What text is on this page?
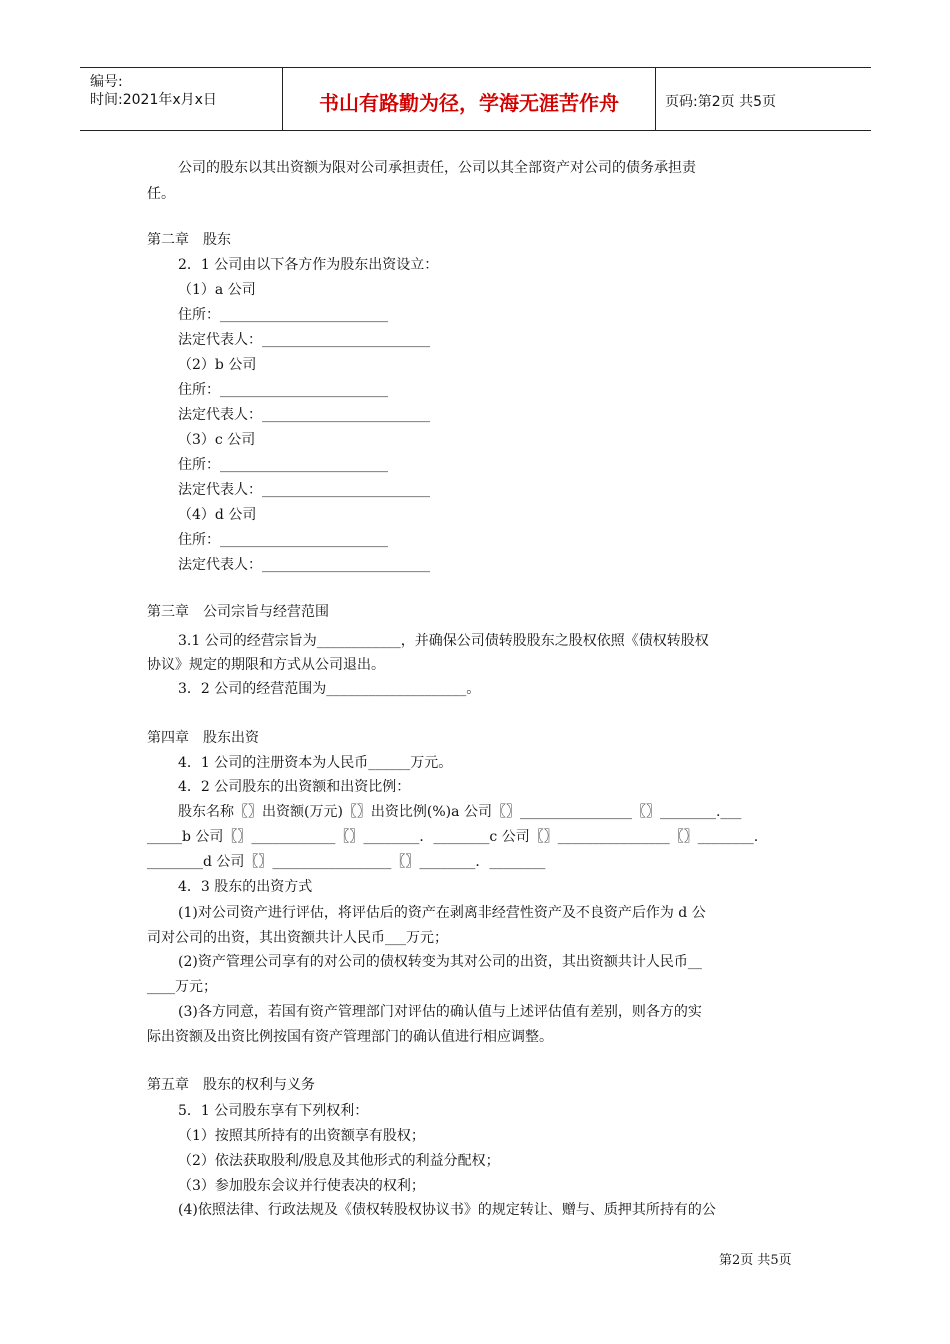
编号:
时间:2021年x月x日	书山有路勤为径，学海无涯苦作舟	页码:第2页 共5页
公司的股东以其出资额为限对公司承担责任，公司以其全部资产对公司的债务承担责
任。
第二章　股东
2．1 公司由以下各方作为股东出资设立：
（1）a 公司
住所：________________________
法定代表人：________________________
（2）b 公司
住所：________________________
法定代表人：________________________
（3）c 公司
住所：________________________
法定代表人：________________________
（4）d 公司
住所：________________________
法定代表人：________________________
第三章　公司宗旨与经营范围
3.1 公司的经营宗旨为____________，并确保公司债转股股东之股权依照《债权转股权
协议》规定的期限和方式从公司退出。
3．2 公司的经营范围为____________________。
第四章　股东出资
4．1 公司的注册资本为人民币______万元。
4．2 公司股东的出资额和出资比例：
股东名称〖〗出资额(万元)〖〗出资比例(%)a 公司〖〗________________〖〗________.___
_____b 公司〖〗____________〖〗________．________c 公司〖〗________________〖〗________.
________d 公司〖〗_________________〖〗________．________
4．3 股东的出资方式
(1)对公司资产进行评估，将评估后的资产在剥离非经营性资产及不良资产后作为 d 公
司对公司的出资，其出资额共计人民币___万元；
(2)资产管理公司享有的对公司的债权转变为其对公司的出资，其出资额共计人民币__
____万元；
(3)各方同意，若国有资产管理部门对评估的确认值与上述评估值有差别，则各方的实
际出资额及出资比例按国有资产管理部门的确认值进行相应调整。
第五章　股东的权利与义务
5．1 公司股东享有下列权利：
（1）按照其所持有的出资额享有股权；
（2）依法获取股利/股息及其他形式的利益分配权；
（3）参加股东会议并行使表决的权利；
(4)依照法律、行政法规及《债权转股权协议书》的规定转让、赠与、质押其所持有的公
第2页 共5页
